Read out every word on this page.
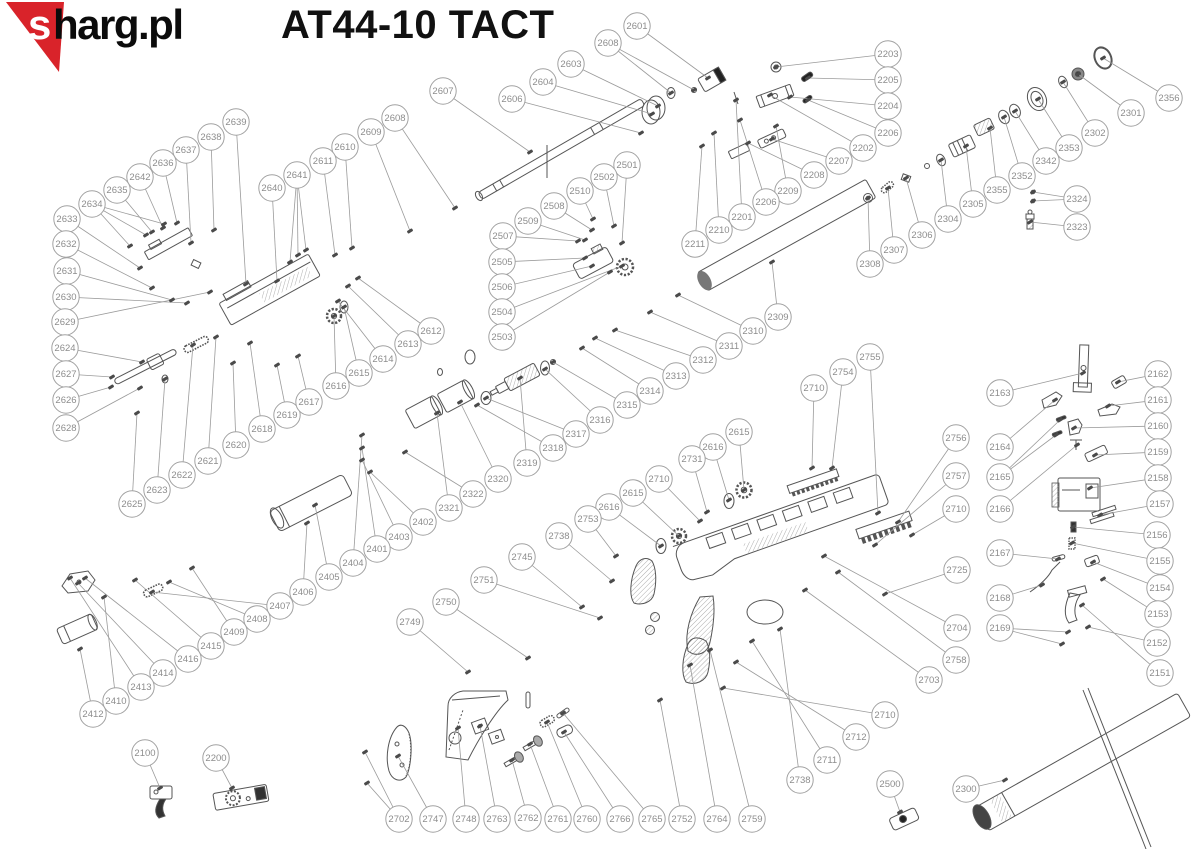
2601
2608
2603
2604
2606
2607
2608
2609
2610
2611
2641
2640
2639
2638
2637
2636
2642
2635
2634
2633
2632
2631
2630
2629
2624
2627
2626
2628
2625
2623
2622
2621
2620
2618
2619
2617
2616
2615
2614
2613
2612
2501
2502
2510
2508
2509
2507
2505
2506
2504
2503
2203
2205
2204
2206
2202
2207
2208
2209
2206
2201
2210
2211
2356
2301
2302
2353
2342
2352
2355
2305
2304
2306
2307
2308
2324
2323
2309
2310
2311
2312
2313
2314
2315
2316
2317
2318
2319
2320
2322
2321
2402
2403
2401
2404
2405
2406
2407
2408
2409
2415
2416
2414
2413
2410
2412
2100	2200
2615
2616
2731
2710
2615
2616
2753
2738
2745
2751
2750
2749
2755
2754
2710
2756
2757
2710
2725
2704
2758
2703
2710
2712
2711
2738
2163
2164
2165
2166
2167
2168
2169
2162
2161
2160
2159
2158
2157
2156
2155
2154
2153
2152
2151
2702 2747 2748 2763 2762 2761 2760 2766 2765 2752 2764 2759
2500	2300
s harg.pl AT44-10 TACT
